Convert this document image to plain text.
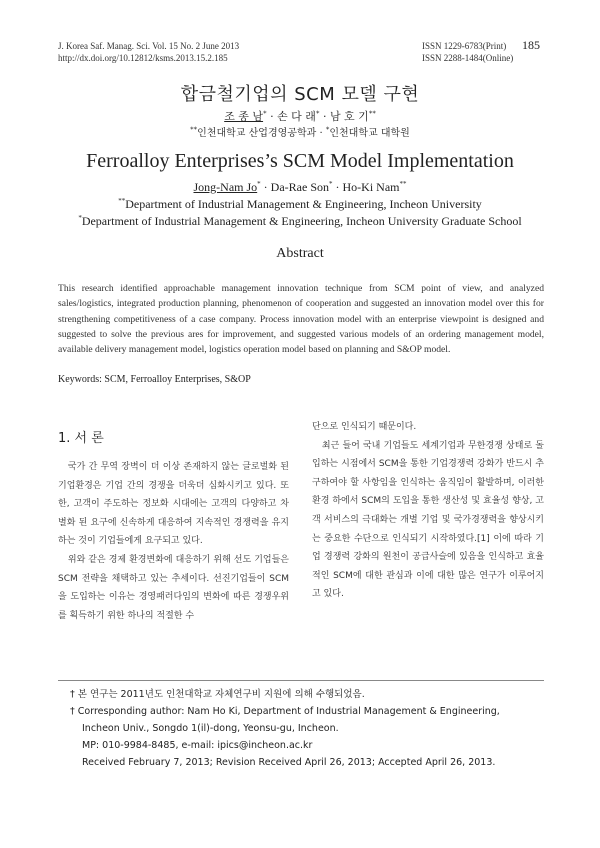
J. Korea Saf. Manag. Sci. Vol. 15 No. 2 June 2013
http://dx.doi.org/10.12812/ksms.2013.15.2.185
ISSN 1229-6783(Print)
ISSN 2288-1484(Online)
185
합금철기업의 SCM 모델 구현
조 종 남* · 손 다 래* · 남 호 기**
**인천대학교 산업경영공학과 · *인천대학교 대학원
Ferroalloy Enterprises’s SCM Model Implementation
Jong-Nam Jo* · Da-Rae Son* · Ho-Ki Nam**
**Department of Industrial Management & Engineering, Incheon University
*Department of Industrial Management & Engineering, Incheon University Graduate School
Abstract
This research identified approachable management innovation technique from SCM point of view, and analyzed sales/logistics, integrated production planning, phenomenon of cooperation and suggested an innovation model over this for strengthening competitiveness of a case company. Process innovation model with an enterprise viewpoint is designed and suggested to solve the previous ares for improvement, and suggested various models of an ordering management model, available delivery management model, logistics operation model based on planning and S&OP model.
Keywords: SCM, Ferroalloy Enterprises, S&OP
1. 서 론

국가 간 무역 장벽이 더 이상 존재하지 않는 글로벌화 된 기업환경은 기업 간의 경쟁을 더욱더 심화시키고 있다. 또한, 고객이 주도하는 정보화 시대에는 고객의 다양하고 차별화 된 요구에 신속하게 대응하여 지속적인 경쟁력을 유지하는 것이 기업들에게 요구되고 있다.

위와 같은 경제 환경변화에 대응하기 위해 선도 기업들은 SCM 전략을 채택하고 있는 추세이다. 선진기업들이 SCM을 도입하는 이유는 경영패러다임의 변화에 따른 경쟁우위를 획득하기 위한 하나의 적절한 수

단으로 인식되기 때문이다.

최근 들어 국내 기업들도 세계기업과 무한경쟁 상태로 돌입하는 시점에서 SCM을 통한 기업경쟁력 강화가 반드시 추구하여야 할 사항임을 인식하는 움직임이 활발하며, 이러한 환경 하에서 SCM의 도입을 통한 생산성 및 효율성 향상, 고객 서비스의 극대화는 개별 기업 및 국가경쟁력을 향상시키는 중요한 수단으로 인식되기 시작하였다.[1] 이에 따라 기업 경쟁력 강화의 원천이 공급사슬에 있음을 인식하고 효율적인 SCM에 대한 관심과 이에 대한 많은 연구가 이루어지고 있다.

† 본 연구는 2011년도 인천대학교 자체연구비 지원에 의해 수행되었음.
† Corresponding author: Nam Ho Ki, Department of Industrial Management & Engineering,
Incheon Univ., Songdo 1(il)-dong, Yeonsu-gu, Incheon.
MP: 010-9984-8485, e-mail: ipics@incheon.ac.kr
Received February 7, 2013; Revision Received April 26, 2013; Accepted April 26, 2013.
